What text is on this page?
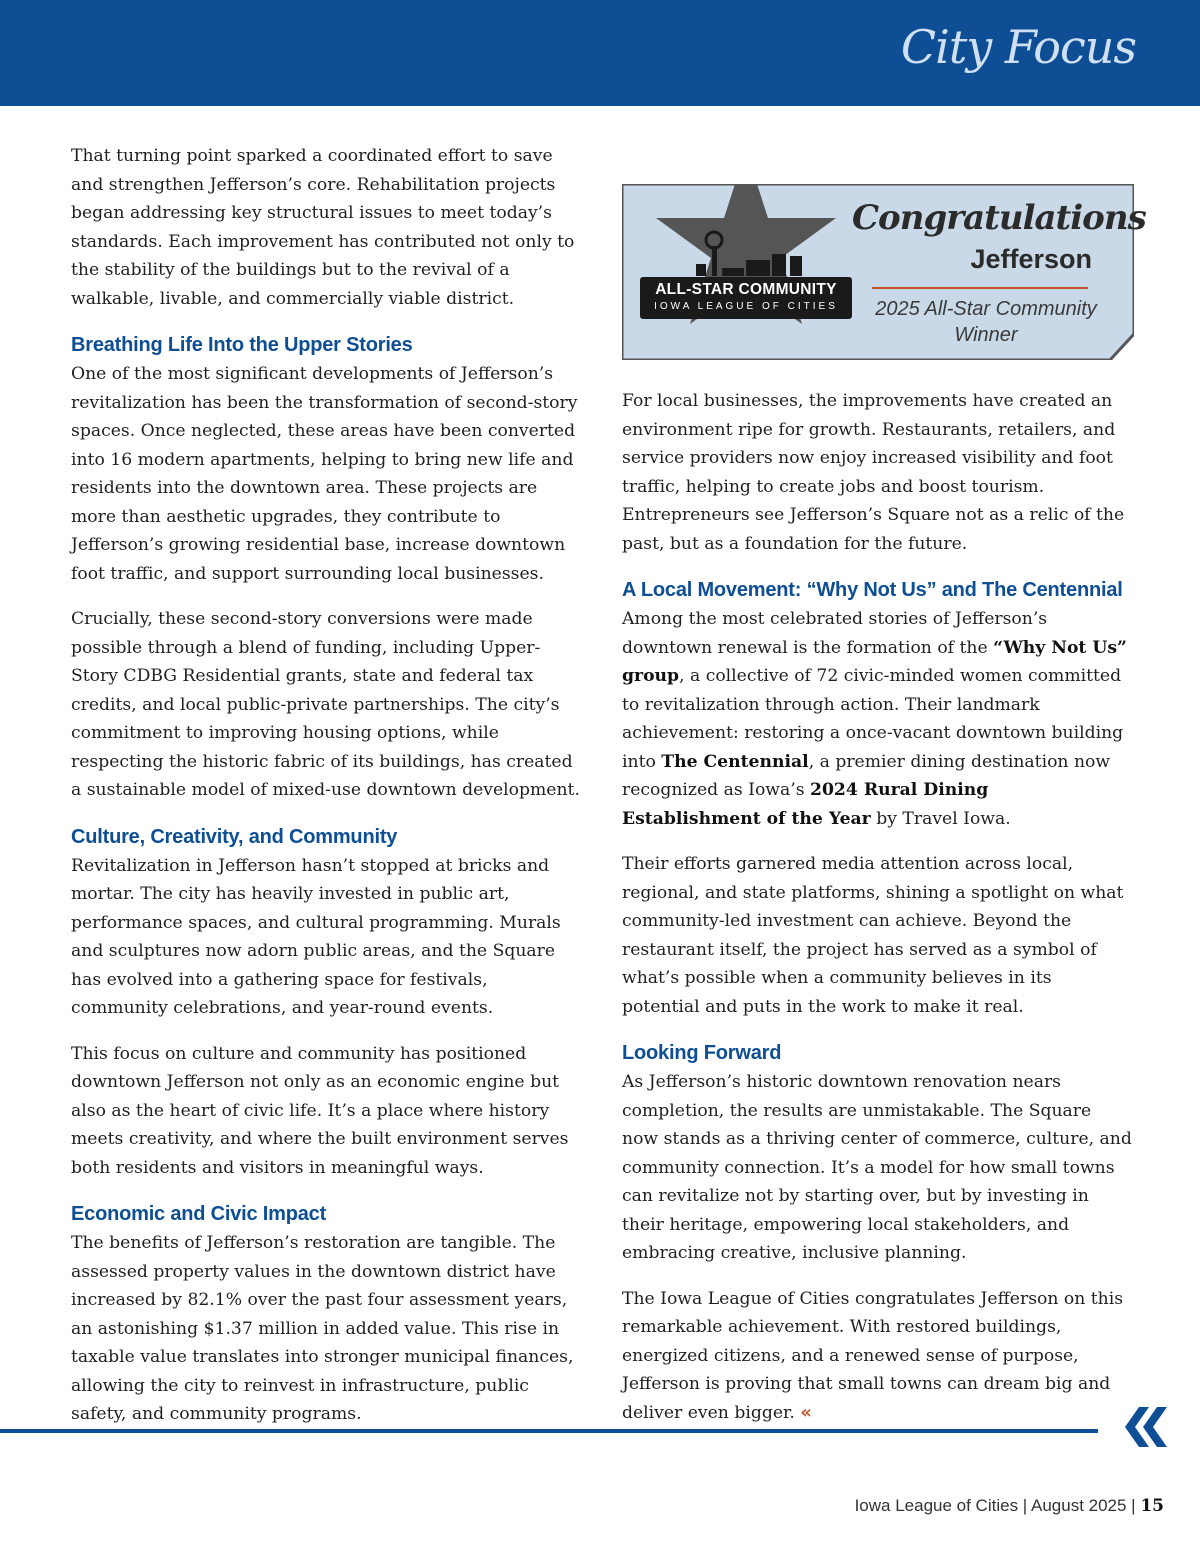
City Focus

That turning point sparked a coordinated effort to save and strengthen Jefferson’s core. Rehabilitation projects began addressing key structural issues to meet today’s standards. Each improvement has contributed not only to the stability of the buildings but to the revival of a walkable, livable, and commercially viable district.

Breathing Life Into the Upper Stories

One of the most significant developments of Jefferson’s revitalization has been the transformation of second-story spaces. Once neglected, these areas have been converted into 16 modern apartments, helping to bring new life and residents into the downtown area. These projects are more than aesthetic upgrades, they contribute to Jefferson’s growing residential base, increase downtown foot traffic, and support surrounding local businesses.

Crucially, these second-story conversions were made possible through a blend of funding, including Upper-Story CDBG Residential grants, state and federal tax credits, and local public-private partnerships. The city’s commitment to improving housing options, while respecting the historic fabric of its buildings, has created a sustainable model of mixed-use downtown development.

Culture, Creativity, and Community

Revitalization in Jefferson hasn’t stopped at bricks and mortar. The city has heavily invested in public art, performance spaces, and cultural programming. Murals and sculptures now adorn public areas, and the Square has evolved into a gathering space for festivals, community celebrations, and year-round events.

This focus on culture and community has positioned downtown Jefferson not only as an economic engine but also as the heart of civic life. It’s a place where history meets creativity, and where the built environment serves both residents and visitors in meaningful ways.

Economic and Civic Impact

The benefits of Jefferson’s restoration are tangible. The assessed property values in the downtown district have increased by 82.1% over the past four assessment years, an astonishing $1.37 million in added value. This rise in taxable value translates into stronger municipal finances, allowing the city to reinvest in infrastructure, public safety, and community programs.

ALL-STAR COMMUNITY
IOWA LEAGUE OF CITIES
Congratulations
Jefferson
2025 All-Star Community Winner

For local businesses, the improvements have created an environment ripe for growth. Restaurants, retailers, and service providers now enjoy increased visibility and foot traffic, helping to create jobs and boost tourism. Entrepreneurs see Jefferson’s Square not as a relic of the past, but as a foundation for the future.

A Local Movement: “Why Not Us” and The Centennial

Among the most celebrated stories of Jefferson’s downtown renewal is the formation of the “Why Not Us” group, a collective of 72 civic-minded women committed to revitalization through action. Their landmark achievement: restoring a once-vacant downtown building into The Centennial, a premier dining destination now recognized as Iowa’s 2024 Rural Dining Establishment of the Year by Travel Iowa.

Their efforts garnered media attention across local, regional, and state platforms, shining a spotlight on what community-led investment can achieve. Beyond the restaurant itself, the project has served as a symbol of what’s possible when a community believes in its potential and puts in the work to make it real.

Looking Forward

As Jefferson’s historic downtown renovation nears completion, the results are unmistakable. The Square now stands as a thriving center of commerce, culture, and community connection. It’s a model for how small towns can revitalize not by starting over, but by investing in their heritage, empowering local stakeholders, and embracing creative, inclusive planning.

The Iowa League of Cities congratulates Jefferson on this remarkable achievement. With restored buildings, energized citizens, and a renewed sense of purpose, Jefferson is proving that small towns can dream big and deliver even bigger. «

Iowa League of Cities | August 2025 | 15
